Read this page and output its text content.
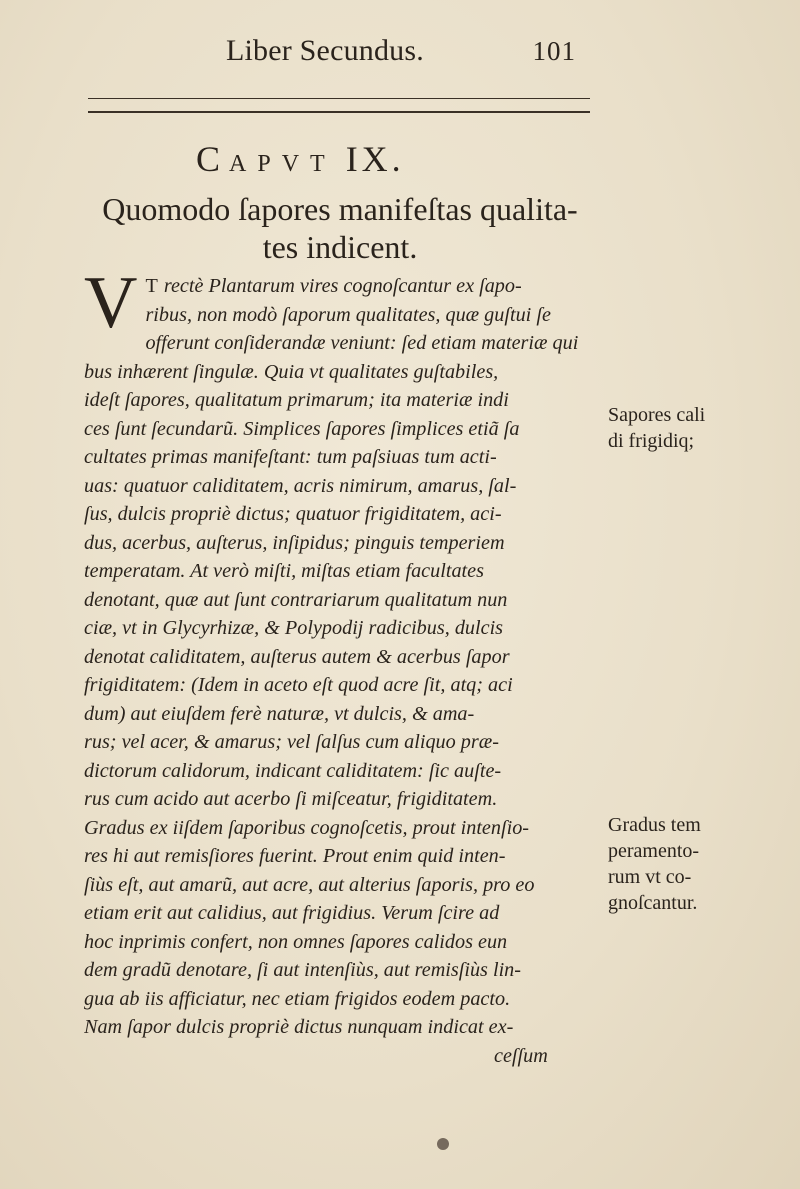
Liber Secundus.	101
CAPVT IX.
Quomodo ſapores manifeſtas qualita-
tes indicent.
V T rectè Plantarum vires cognoſcantur ex ſapo-
ribus, non modò ſaporum qualitates, quæ guſtui ſe
offerunt conſiderandæ veniunt: ſed etiam materiæ qui
bus inhærent ſingulæ. Quia vt qualitates guſtabiles,
ideſt ſapores, qualitatum primarum; ita materiæ indi
ces ſunt ſecundarũ. Simplices ſapores ſimplices etiã ſa
cultates primas manifeſtant: tum paſsiuas tum acti-
uas: quatuor caliditatem, acris nimirum, amarus, ſal-
ſus, dulcis propriè dictus; quatuor frigiditatem, aci-
dus, acerbus, auſterus, inſipidus; pinguis temperiem
temperatam. At verò miſti, miſtas etiam facultates
denotant, quæ aut ſunt contrariarum qualitatum nun
ciæ, vt in Glycyrhizæ, & Polypodij radicibus, dulcis
denotat caliditatem, auſterus autem & acerbus ſapor
frigiditatem: (Idem in aceto eſt quod acre ſit, atq; aci
dum) aut eiuſdem ferè naturæ, vt dulcis, & ama-
rus; vel acer, & amarus; vel ſalſus cum aliquo præ-
dictorum calidorum, indicant caliditatem: ſic auſte-
rus cum acido aut acerbo ſi miſceatur, frigiditatem.
Gradus ex iiſdem ſaporibus cognoſcetis, prout intenſio-
res hi aut remisſiores fuerint. Prout enim quid inten-
ſiùs eſt, aut amarũ, aut acre, aut alterius ſaporis, pro eo
etiam erit aut calidius, aut frigidius. Verum ſcire ad
hoc inprimis confert, non omnes ſapores calidos eun
dem gradũ denotare, ſi aut intenſiùs, aut remisſiùs lin-
gua ab iis afficiatur, nec etiam frigidos eodem pacto.
Nam ſapor dulcis propriè dictus nunquam indicat ex-
ceſſum
Sapores cali
di frigidiq;
Gradus tem
peramento-
rum vt co-
gnoſcantur.
